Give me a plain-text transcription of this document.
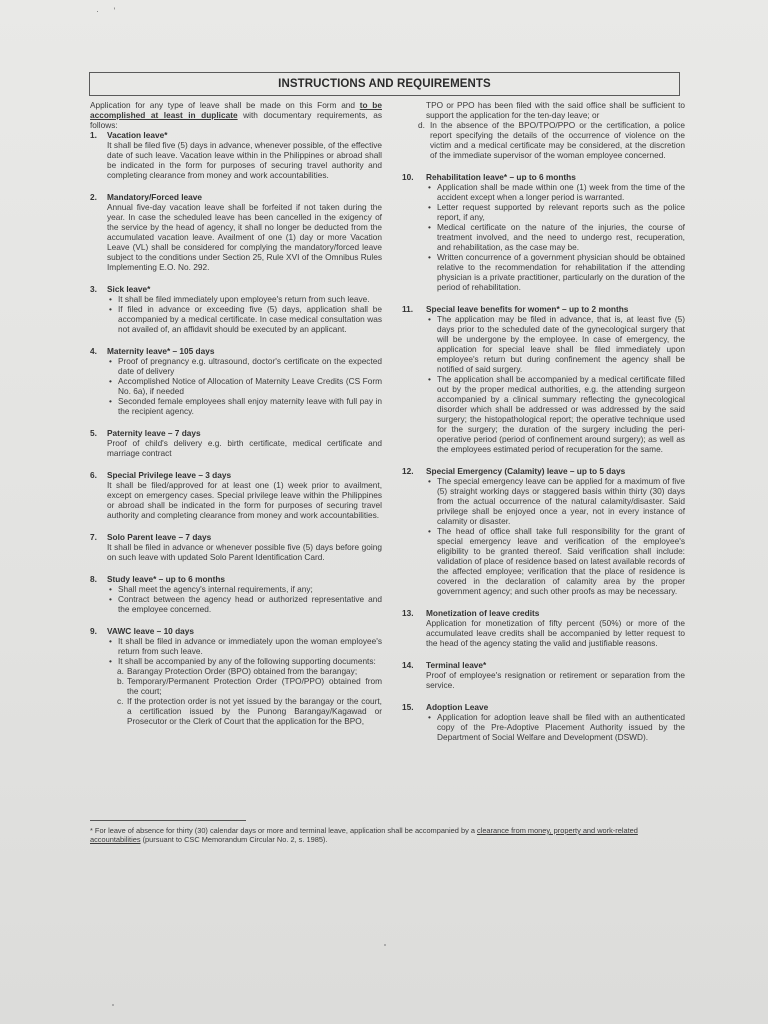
· '
INSTRUCTIONS AND REQUIREMENTS

Application for any type of leave shall be made on this Form and to be accomplished at least in duplicate with documentary requirements, as follows:

1.	Vacation leave*

It shall be filed five (5) days in advance, whenever possible, of the effective date of such leave. Vacation leave within in the Philippines or abroad shall be indicated in the form for purposes of securing travel authority and completing clearance from money and work accountabilities.

2.	Mandatory/Forced leave

Annual five-day vacation leave shall be forfeited if not taken during the year. In case the scheduled leave has been cancelled in the exigency of the service by the head of agency, it shall no longer be deducted from the accumulated vacation leave. Availment of one (1) day or more Vacation Leave (VL) shall be considered for complying the mandatory/forced leave subject to the conditions under Section 25, Rule XVI of the Omnibus Rules Implementing E.O. No. 292.

3.	Sick leave*
• It shall be filed immediately upon employee's return from such leave.
• If filed in advance or exceeding five (5) days, application shall be accompanied by a medical certificate. In case medical consultation was not availed of, an affidavit should be executed by an applicant.
4.	Maternity leave* – 105 days
• Proof of pregnancy e.g. ultrasound, doctor's certificate on the expected date of delivery
• Accomplished Notice of Allocation of Maternity Leave Credits (CS Form No. 6a), if needed
• Seconded female employees shall enjoy maternity leave with full pay in the recipient agency.
5.	Paternity leave – 7 days

Proof of child's delivery e.g. birth certificate, medical certificate and marriage contract

6.	Special Privilege leave – 3 days

It shall be filed/approved for at least one (1) week prior to availment, except on emergency cases. Special privilege leave within the Philippines or abroad shall be indicated in the form for purposes of securing travel authority and completing clearance from money and work accountabilities.

7.	Solo Parent leave – 7 days

It shall be filed in advance or whenever possible five (5) days before going on such leave with updated Solo Parent Identification Card.

8.	Study leave* – up to 6 months
• Shall meet the agency's internal requirements, if any;
• Contract between the agency head or authorized representative and the employee concerned.
9.	VAWC leave – 10 days
• It shall be filed in advance or immediately upon the woman employee's return from such leave.
• It shall be accompanied by any of the following supporting documents:
a. Barangay Protection Order (BPO) obtained from the barangay;
b. Temporary/Permanent Protection Order (TPO/PPO) obtained from the court;
c. If the protection order is not yet issued by the barangay or the court, a certification issued by the Punong Barangay/Kagawad or Prosecutor or the Clerk of Court that the application for the BPO,

TPO or PPO has been filed with the said office shall be sufficient to support the application for the ten-day leave; or

d. In the absence of the BPO/TPO/PPO or the certification, a police report specifying the details of the occurrence of violence on the victim and a medical certificate may be considered, at the discretion of the immediate supervisor of the woman employee concerned.
10.	Rehabilitation leave* – up to 6 months
• Application shall be made within one (1) week from the time of the accident except when a longer period is warranted.
• Letter request supported by relevant reports such as the police report, if any,
• Medical certificate on the nature of the injuries, the course of treatment involved, and the need to undergo rest, recuperation, and rehabilitation, as the case may be.
• Written concurrence of a government physician should be obtained relative to the recommendation for rehabilitation if the attending physician is a private practitioner, particularly on the duration of the period of rehabilitation.
11.	Special leave benefits for women* – up to 2 months
• The application may be filed in advance, that is, at least five (5) days prior to the scheduled date of the gynecological surgery that will be undergone by the employee. In case of emergency, the application for special leave shall be filed immediately upon employee's return but during confinement the agency shall be notified of said surgery.
• The application shall be accompanied by a medical certificate filled out by the proper medical authorities, e.g. the attending surgeon accompanied by a clinical summary reflecting the gynecological disorder which shall be addressed or was addressed by the said surgery; the histopathological report; the operative technique used for the surgery; the duration of the surgery including the peri-operative period (period of confinement around surgery); as well as the employees estimated period of recuperation for the same.
12.	Special Emergency (Calamity) leave – up to 5 days
• The special emergency leave can be applied for a maximum of five (5) straight working days or staggered basis within thirty (30) days from the actual occurrence of the natural calamity/disaster. Said privilege shall be enjoyed once a year, not in every instance of calamity or disaster.
• The head of office shall take full responsibility for the grant of special emergency leave and verification of the employee's eligibility to be granted thereof. Said verification shall include: validation of place of residence based on latest available records of the affected employee; verification that the place of residence is covered in the declaration of calamity area by the proper government agency; and such other proofs as may be necessary.
13.	Monetization of leave credits

Application for monetization of fifty percent (50%) or more of the accumulated leave credits shall be accompanied by letter request to the head of the agency stating the valid and justifiable reasons.

14.	Terminal leave*

Proof of employee's resignation or retirement or separation from the service.

15.	Adoption Leave
• Application for adoption leave shall be filed with an authenticated copy of the Pre-Adoptive Placement Authority issued by the Department of Social Welfare and Development (DSWD).
* For leave of absence for thirty (30) calendar days or more and terminal leave, application shall be accompanied by a clearance from money, property and work-related accountabilities (pursuant to CSC Memorandum Circular No. 2, s. 1985).
